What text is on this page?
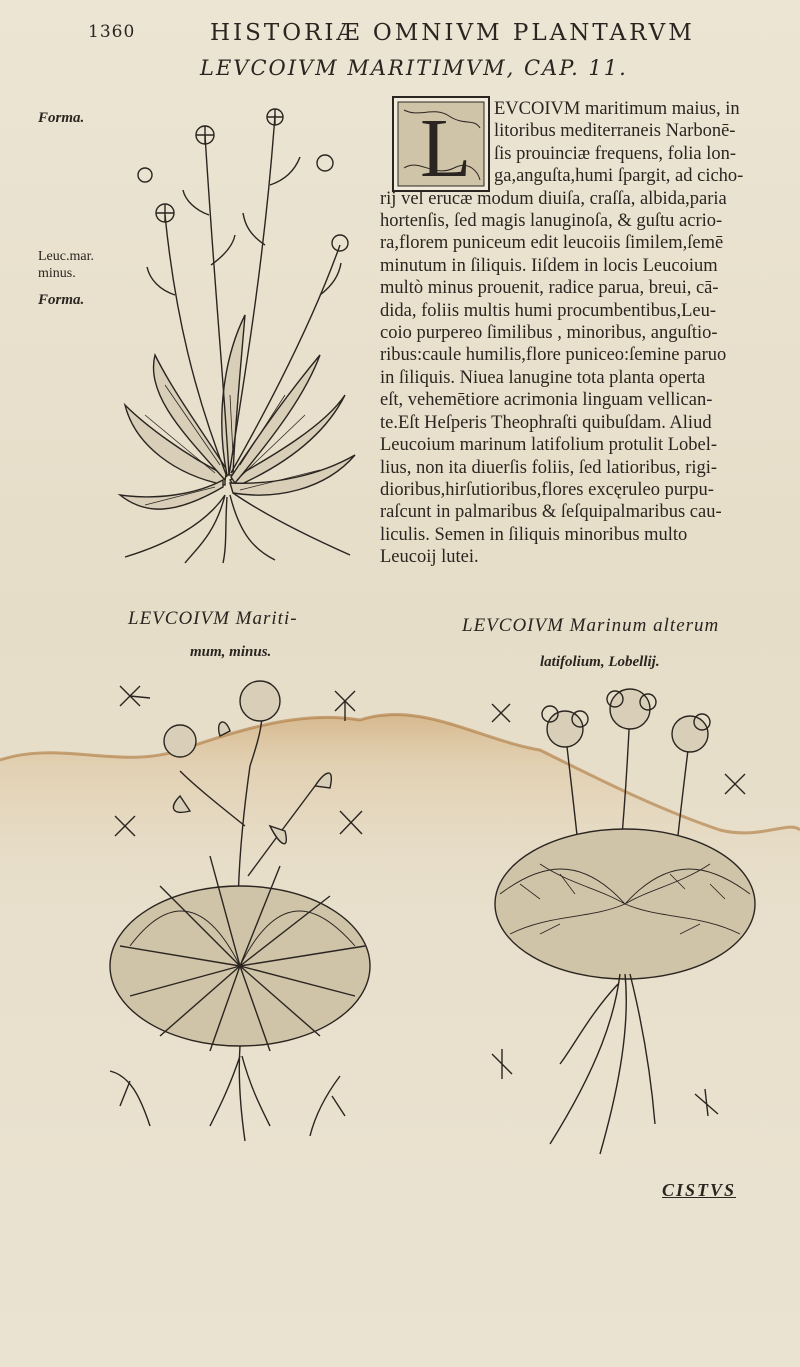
1360	HISTORIÆ OMNIVM PLANTARVM
LEVCOIVM MARITIMVM, CAP. 11.
Forma.
Leuc.mar.
minus.
Forma.
L	EVCOIVM maritimum maius, in
litoribus mediterraneis Narbonē-
ſis prouinciæ frequens, folia lon-
ga,anguſta,humi ſpargit, ad cicho-
rij vel erucæ modum diuiſa, craſſa, albida,paria
hortenſis, ſed magis lanuginoſa, & guſtu acrio-
ra,florem puniceum edit leucoiis ſimilem,ſemē
minutum in ſiliquis. Iiſdem in locis Leucoium
multò minus prouenit, radice parua, breui, cā-
dida, foliis multis humi procumbentibus,Leu-
coio purpereo ſimilibus , minoribus, anguſtio-
ribus:caule humilis,flore puniceo:ſemine paruo
in ſiliquis. Niuea lanugine tota planta operta
eſt, vehemētiore acrimonia linguam vellican-
te.Eſt Heſperis Theophraſti quibuſdam. Aliud
Leucoium marinum latifolium protulit Lobel-
lius, non ita diuerſis foliis, ſed latioribus, rigi-
dioribus,hirſutioribus,flores excęruleo purpu-
raſcunt in palmaribus & ſeſquipalmaribus cau-
liculis. Semen in ſiliquis minoribus multo
Leucoij lutei.
LEVCOIVM Mariti-
mum, minus.
LEVCOIVM Marinum alterum
latifolium, Lobellij.
CISTVS
